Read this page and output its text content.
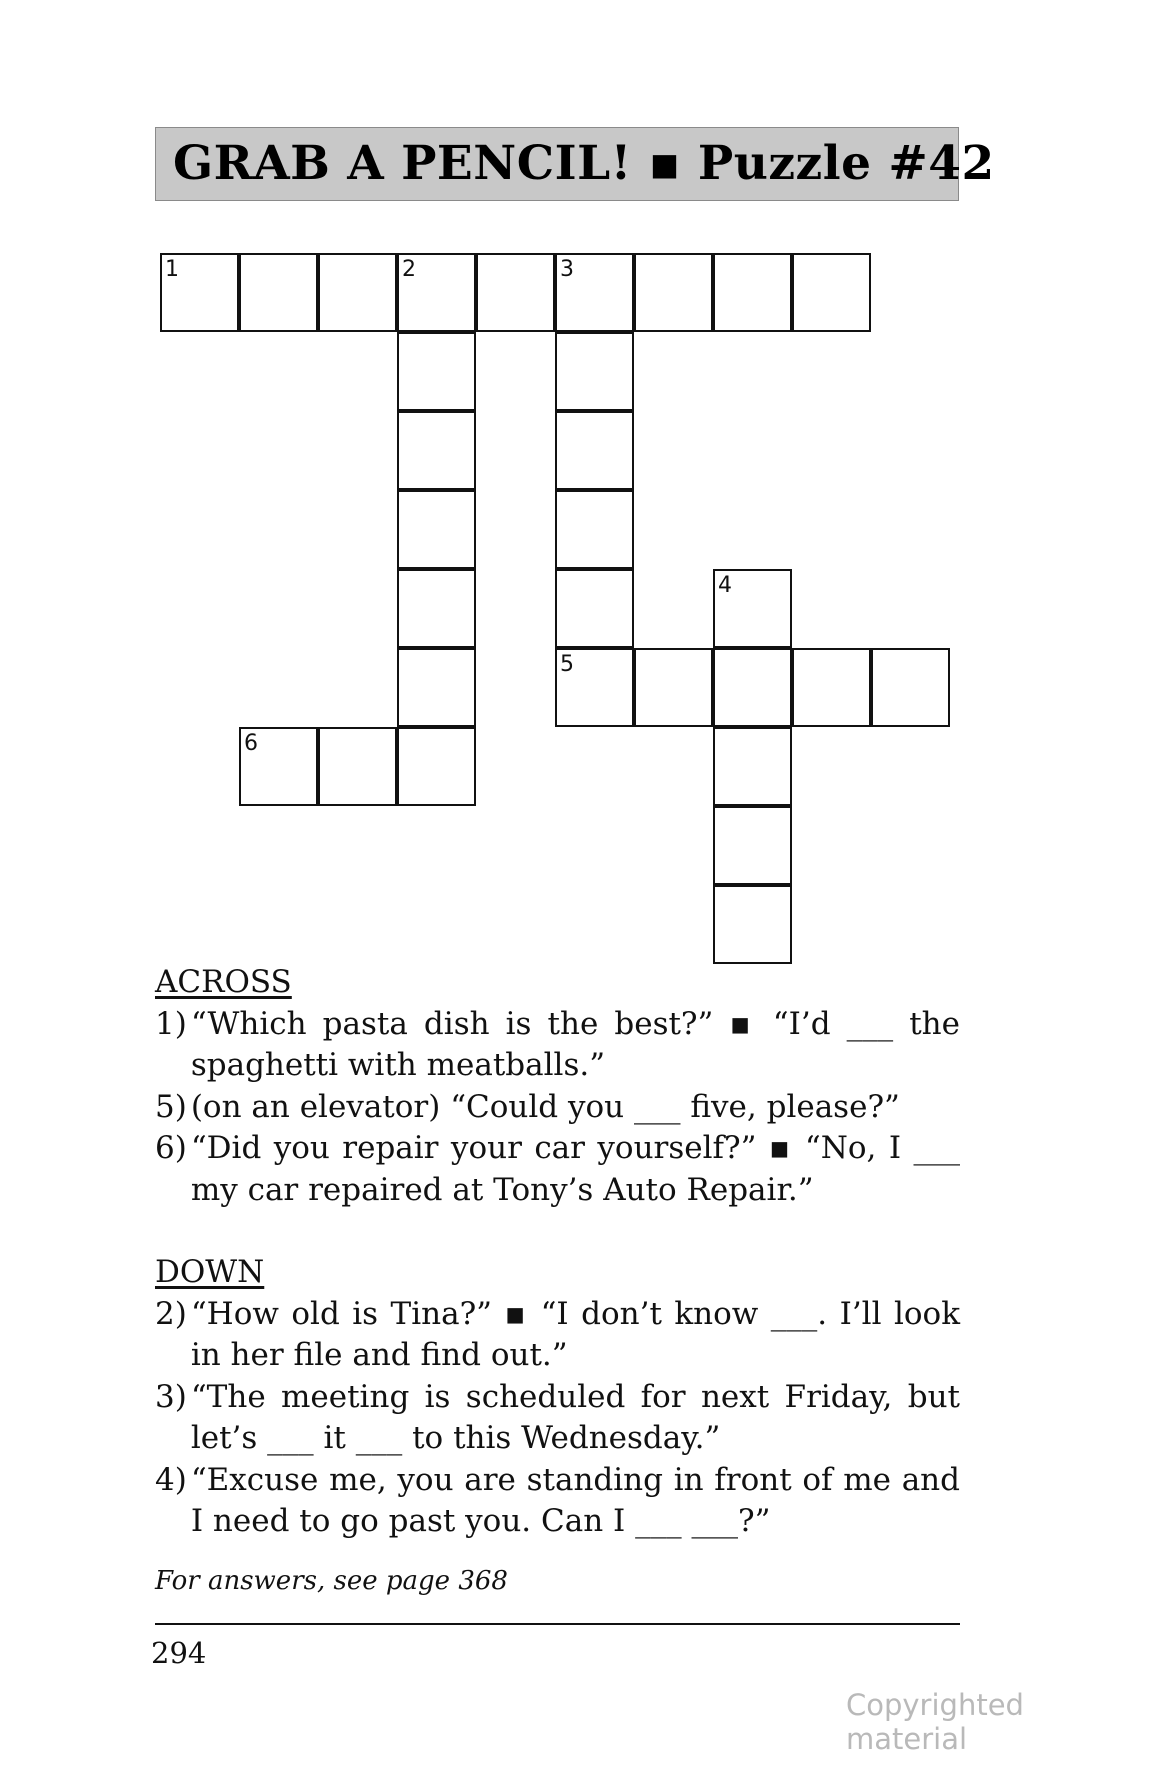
GRAB A PENCIL! ▪ Puzzle #42
1	2	3
6
5
4
ACROSS
1) “Which pasta dish is the best?” ▪ “I’d ___ the spaghetti with meatballs.”
5) (on an elevator) “Could you ___ five, please?”
6) “Did you repair your car yourself?” ▪ “No, I ___ my car repaired at Tony’s Auto Repair.”
DOWN
2) “How old is Tina?” ▪ “I don’t know ___. I’ll look in her file and find out.”
3) “The meeting is scheduled for next Friday, but let’s ___ it ___ to this Wednesday.”
4) “Excuse me, you are standing in front of me and I need to go past you. Can I ___ ___?”
For answers, see page 368
294
Copyrighted material
